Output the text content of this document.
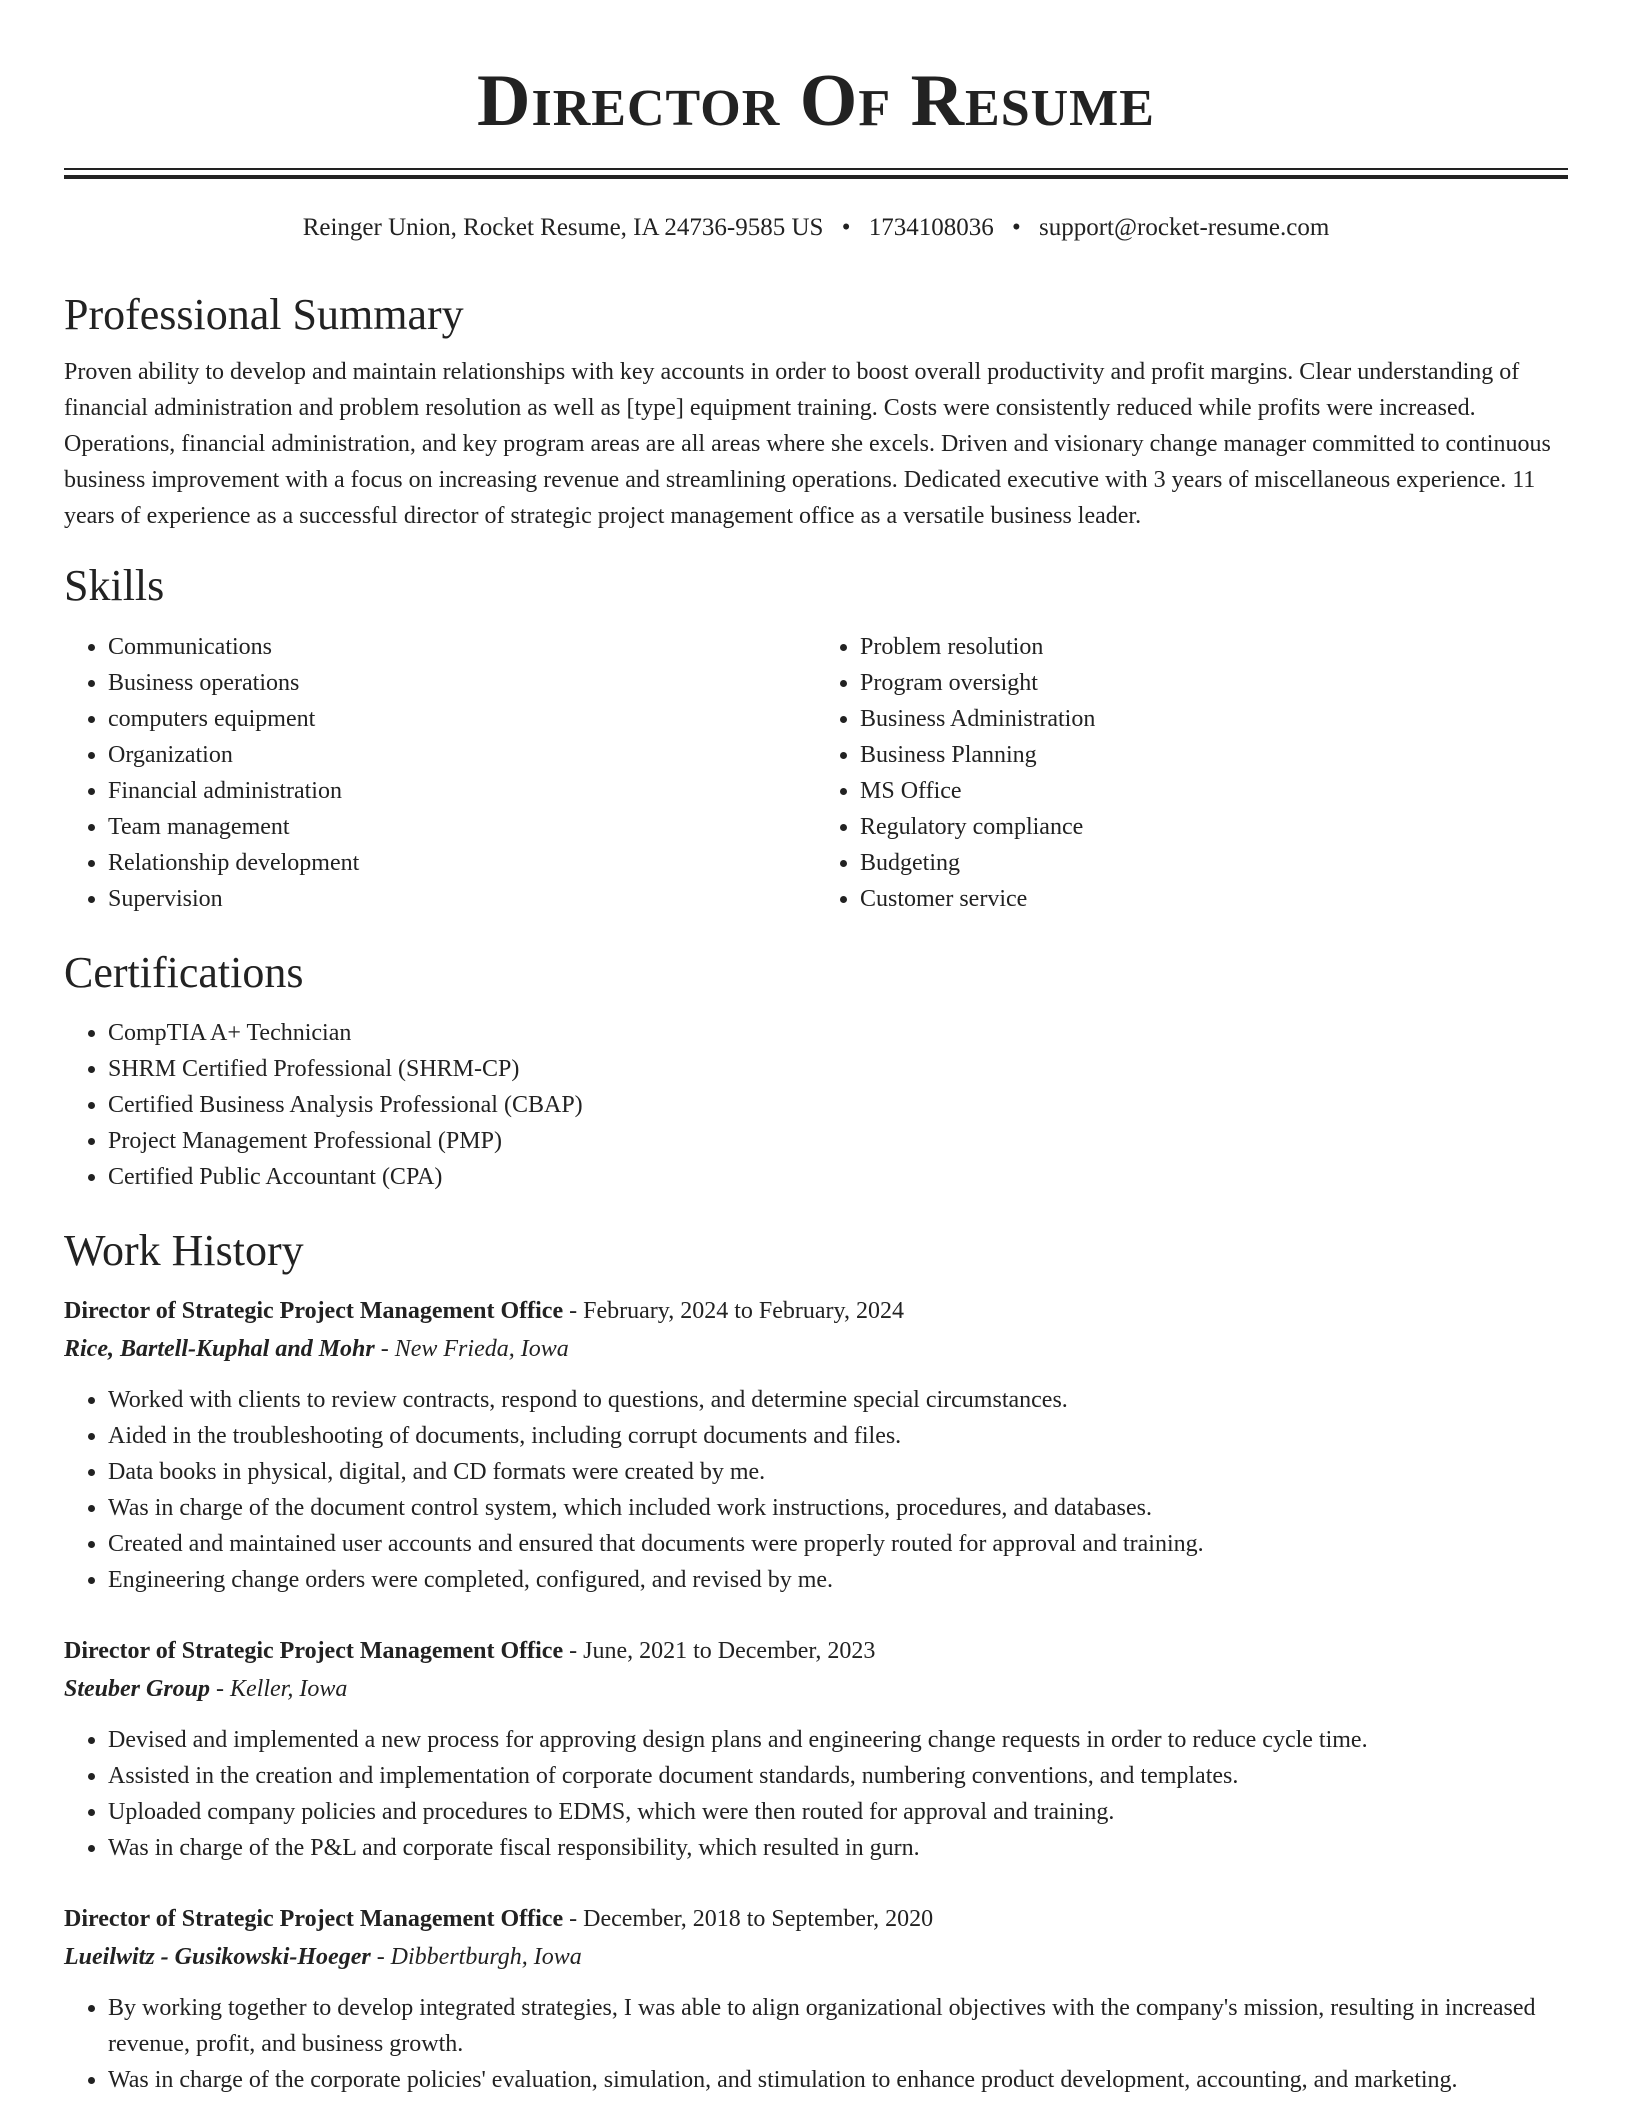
Director Of Resume
Reinger Union, Rocket Resume, IA 24736-9585 US • 1734108036 • support@rocket-resume.com
Professional Summary

Proven ability to develop and maintain relationships with key accounts in order to boost overall productivity and profit margins. Clear understanding of financial administration and problem resolution as well as [type] equipment training. Costs were consistently reduced while profits were increased. Operations, financial administration, and key program areas are all areas where she excels. Driven and visionary change manager committed to continuous business improvement with a focus on increasing revenue and streamlining operations. Dedicated executive with 3 years of miscellaneous experience. 11 years of experience as a successful director of strategic project management office as a versatile business leader.

Skills
• Communications
• Business operations
• computers equipment
• Organization
• Financial administration
• Team management
• Relationship development
• Supervision
• Problem resolution
• Program oversight
• Business Administration
• Business Planning
• MS Office
• Regulatory compliance
• Budgeting
• Customer service
Certifications
• CompTIA A+ Technician
• SHRM Certified Professional (SHRM-CP)
• Certified Business Analysis Professional (CBAP)
• Project Management Professional (PMP)
• Certified Public Accountant (CPA)
Work History
Director of Strategic Project Management Office - February, 2024 to February, 2024
Rice, Bartell-Kuphal and Mohr - New Frieda, Iowa
• Worked with clients to review contracts, respond to questions, and determine special circumstances.
• Aided in the troubleshooting of documents, including corrupt documents and files.
• Data books in physical, digital, and CD formats were created by me.
• Was in charge of the document control system, which included work instructions, procedures, and databases.
• Created and maintained user accounts and ensured that documents were properly routed for approval and training.
• Engineering change orders were completed, configured, and revised by me.
Director of Strategic Project Management Office - June, 2021 to December, 2023
Steuber Group - Keller, Iowa
• Devised and implemented a new process for approving design plans and engineering change requests in order to reduce cycle time.
• Assisted in the creation and implementation of corporate document standards, numbering conventions, and templates.
• Uploaded company policies and procedures to EDMS, which were then routed for approval and training.
• Was in charge of the P&L and corporate fiscal responsibility, which resulted in gurn.
Director of Strategic Project Management Office - December, 2018 to September, 2020
Lueilwitz - Gusikowski-Hoeger - Dibbertburgh, Iowa
• By working together to develop integrated strategies, I was able to align organizational objectives with the company's mission, resulting in increased revenue, profit, and business growth.
• Was in charge of the corporate policies' evaluation, simulation, and stimulation to enhance product development, accounting, and marketing.
